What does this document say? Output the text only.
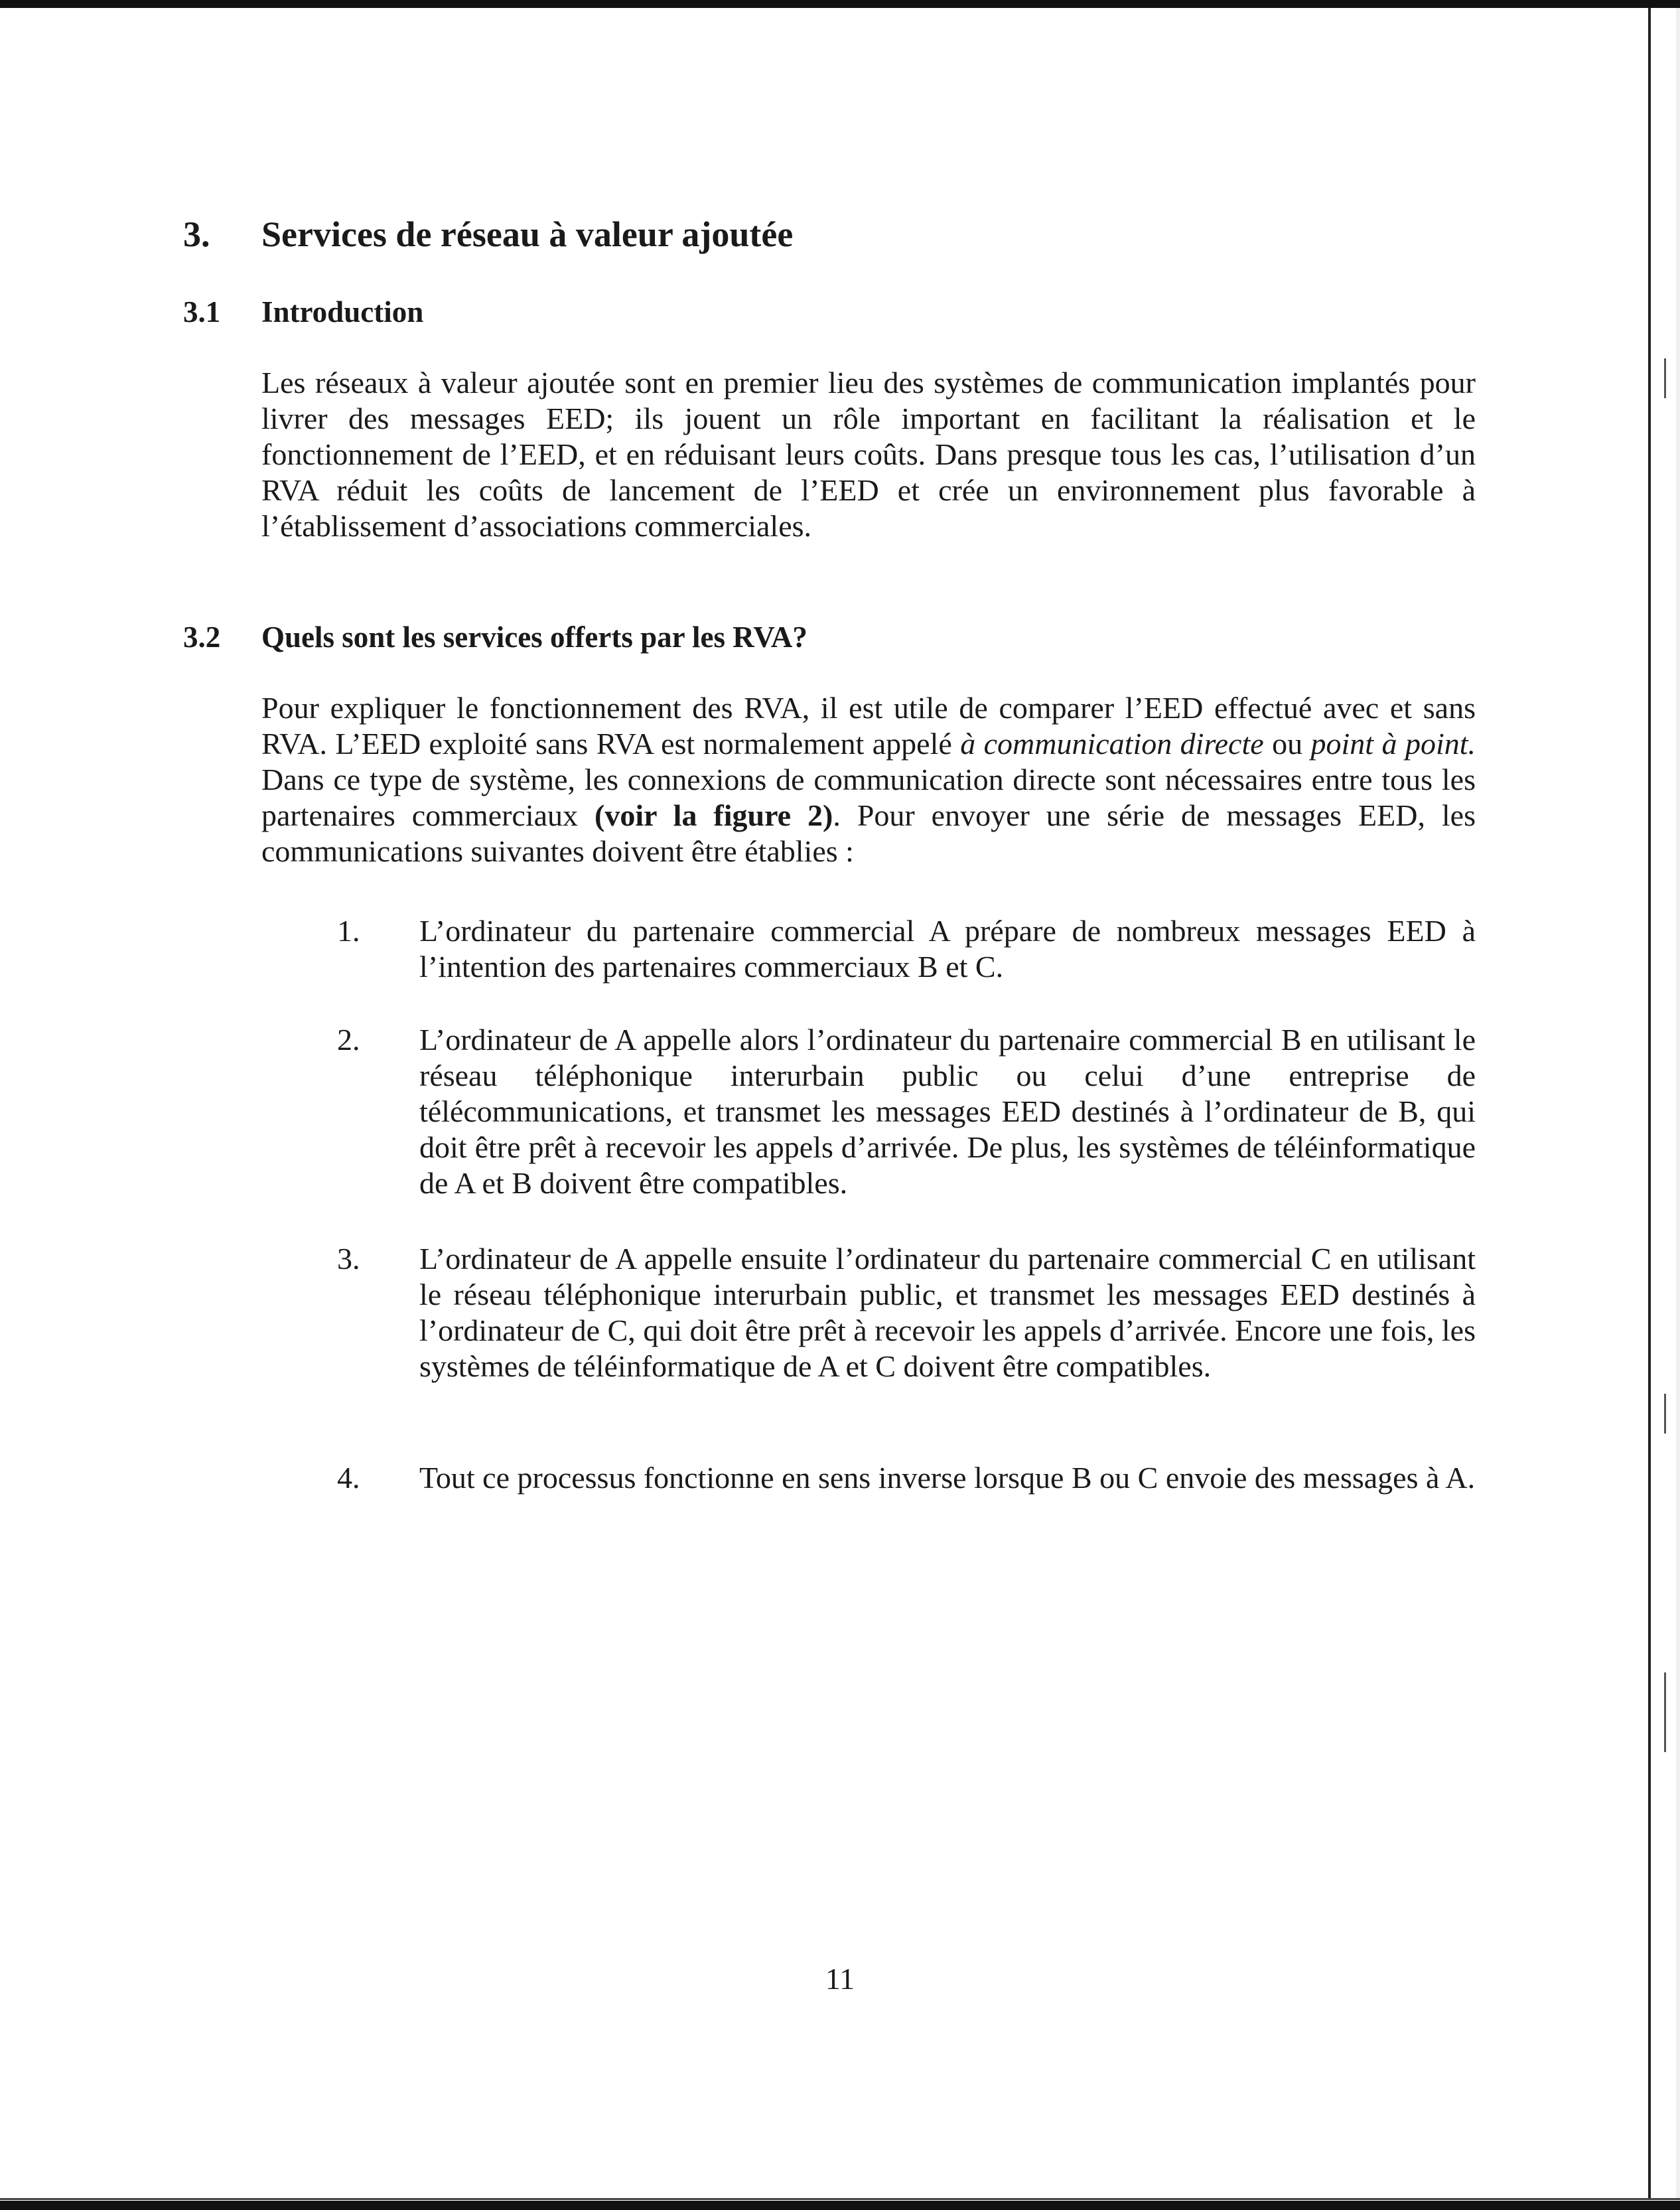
3. Services de réseau à valeur ajoutée
3.1 Introduction

Les réseaux à valeur ajoutée sont en premier lieu des systèmes de communication implantés pour livrer des messages EED; ils jouent un rôle important en facilitant la réalisation et le fonctionnement de l’EED, et en réduisant leurs coûts. Dans presque tous les cas, l’utilisation d’un RVA réduit les coûts de lancement de l’EED et crée un environnement plus favorable à l’établissement d’associations commerciales.

3.2 Quels sont les services offerts par les RVA?

Pour expliquer le fonctionnement des RVA, il est utile de comparer l’EED effectué avec et sans RVA. L’EED exploité sans RVA est normalement appelé à communication directe ou point à point. Dans ce type de système, les connexions de communication directe sont nécessaires entre tous les partenaires commerciaux (voir la figure 2). Pour envoyer une série de messages EED, les communications suivantes doivent être établies :

1. L’ordinateur du partenaire commercial A prépare de nombreux messages EED à l’intention des partenaires commerciaux B et C.

2. L’ordinateur de A appelle alors l’ordinateur du partenaire commercial B en utilisant le réseau téléphonique interurbain public ou celui d’une entreprise de télécommunications, et transmet les messages EED destinés à l’ordinateur de B, qui doit être prêt à recevoir les appels d’arrivée. De plus, les systèmes de téléinformatique de A et B doivent être compatibles.

3. L’ordinateur de A appelle ensuite l’ordinateur du partenaire commercial C en utilisant le réseau téléphonique interurbain public, et transmet les messages EED destinés à l’ordinateur de C, qui doit être prêt à recevoir les appels d’arrivée. Encore une fois, les systèmes de téléinformatique de A et C doivent être compatibles.

4. Tout ce processus fonctionne en sens inverse lorsque B ou C envoie des messages à A.

11
